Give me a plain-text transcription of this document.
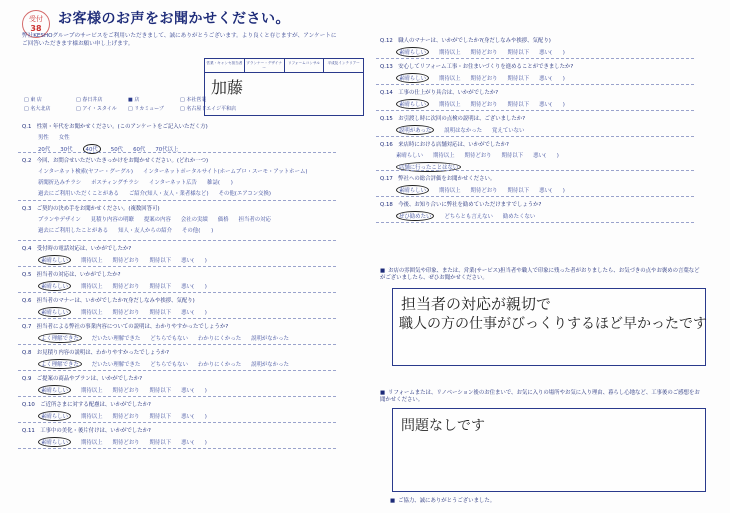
受付
38
お客様のお声をお聞かせください。
弊社KESHOグループのサービスをご利用いただきまして、誠にありがとうございます。より良くと存じますが、アンケートにご回答いただきます様お願い申し上げます。
営業・キャンセ担当者	プランナー・デザイナー
リフォームコンサル	平成及インテリアー
加藤
□ 東 店	□ 春日井店	■ 店	□ 本社営業
□ 名大北店	□ アイ・スタイル	□ リカミューブ	□ 名古屋ドエイジ平和店
Q.1　性別・年代をお聞かせください。(このアンケートをご記入いただく方)
男性 女性
20代 30代 40代 50代 60代 70代以上
Q.2　今回、お問合せいただいたきっかけをお聞かせください。(どれか一つ)
インターネット検索(ヤフー・グーグル) インターネットポータルサイト(ホームプロ・スーモ・アットホーム)
新聞折込みチラシ ポスティングチラシ インターネット広告 雑誌(　　)
過去にご利用いただくことがある ご紹介(知人・友人・業者様など) その他(エアコン交換)
Q.3　ご契約の決め手をお聞かせください。(複数回答可)
プランやデザイン 見積り内容の明瞭 提案の内容 会社の実績 価格 担当者の対応
過去にご利用したことがある 知人・友人からの紹介 その他(　　)
Q.4　受付時の電話対応は、いかがでしたか?
素晴らしい 期待以上 期待どおり 期待以下 悪い(　　)
Q.5　担当者の対応は、いかがでしたか?
素晴らしい 期待以上 期待どおり 期待以下 悪い(　　)
Q.6　担当者のマナーは、いかがでしたか?(身だしなみや挨拶、気配り)
素晴らしい 期待以上 期待どおり 期待以下 悪い(　　)
Q.7　担当者による弊社の事業内容についての説明は、わかりやすかったでしょうか?
よく理解できた だいたい理解できた どちらでもない わかりにくかった 説明がなかった
Q.8　お見積り内容の説明は、わかりやすかったでしょうか?
よく理解できた だいたい理解できた どちらでもない わかりにくかった 説明がなかった
Q.9　ご提案の商品やプランは、いかがでしたか?
素晴らしい 期待以上 期待どおり 期待以下 悪い(　　)
Q.10　ご近所さまに対する配慮は、いかがでしたか?
素晴らしい 期待以上 期待どおり 期待以下 悪い(　　)
Q.11　工事中の美化・後片付けは、いかがでしたか?
素晴らしい 期待以上 期待どおり 期待以下 悪い(　　)
Q.12　職人のマナーは、いかがでしたか?(身だしなみや挨拶、気配り)
素晴らしい 期待以上 期待どおり 期待以下 悪い(　　)
Q.13　安心してリフォーム工事・お住まいづくりを進めることができましたか?
素晴らしい 期待以上 期待どおり 期待以下 悪い(　　)
Q.14　工事の仕上がり具合は、いかがでしたか?
素晴らしい 期待以上 期待どおり 期待以下 悪い(　　)
Q.15　お引渡し時に次回の点検の説明は、ございましたか?
説明があった 説明はなかった 覚えていない
Q.16　来店時における店舗対応は、いかがでしたか?
素晴らしい 期待以上 期待どおり 期待以下 悪い(　　)
店舗に行ったことはない
Q.17　弊社への総合評価をお聞かせください。
素晴らしい 期待以上 期待どおり 期待以下 悪い(　　)
Q.18　今後、お知り合いに弊社を勧めていただけますでしょうか?
ぜひ勧めたい どちらとも言えない 勧めたくない
■ お店の雰囲気や印象、または、営業(サービス)担当者や職人で印象に残った者がおりましたら、お気づきの点やお褒めの言葉などがございましたら、ぜひお聞かせください。
担当者の対応が親切で
職人の方の仕事がびっくりするほど早かったです
■ リフォームまたは、リノベーション後のお住まいで、お気に入りの場所やお気に入り理由、暮らし心地など、工事後のご感想をお聞かせください。
問題なしです
■ ご協力、誠にありがとうございました。
